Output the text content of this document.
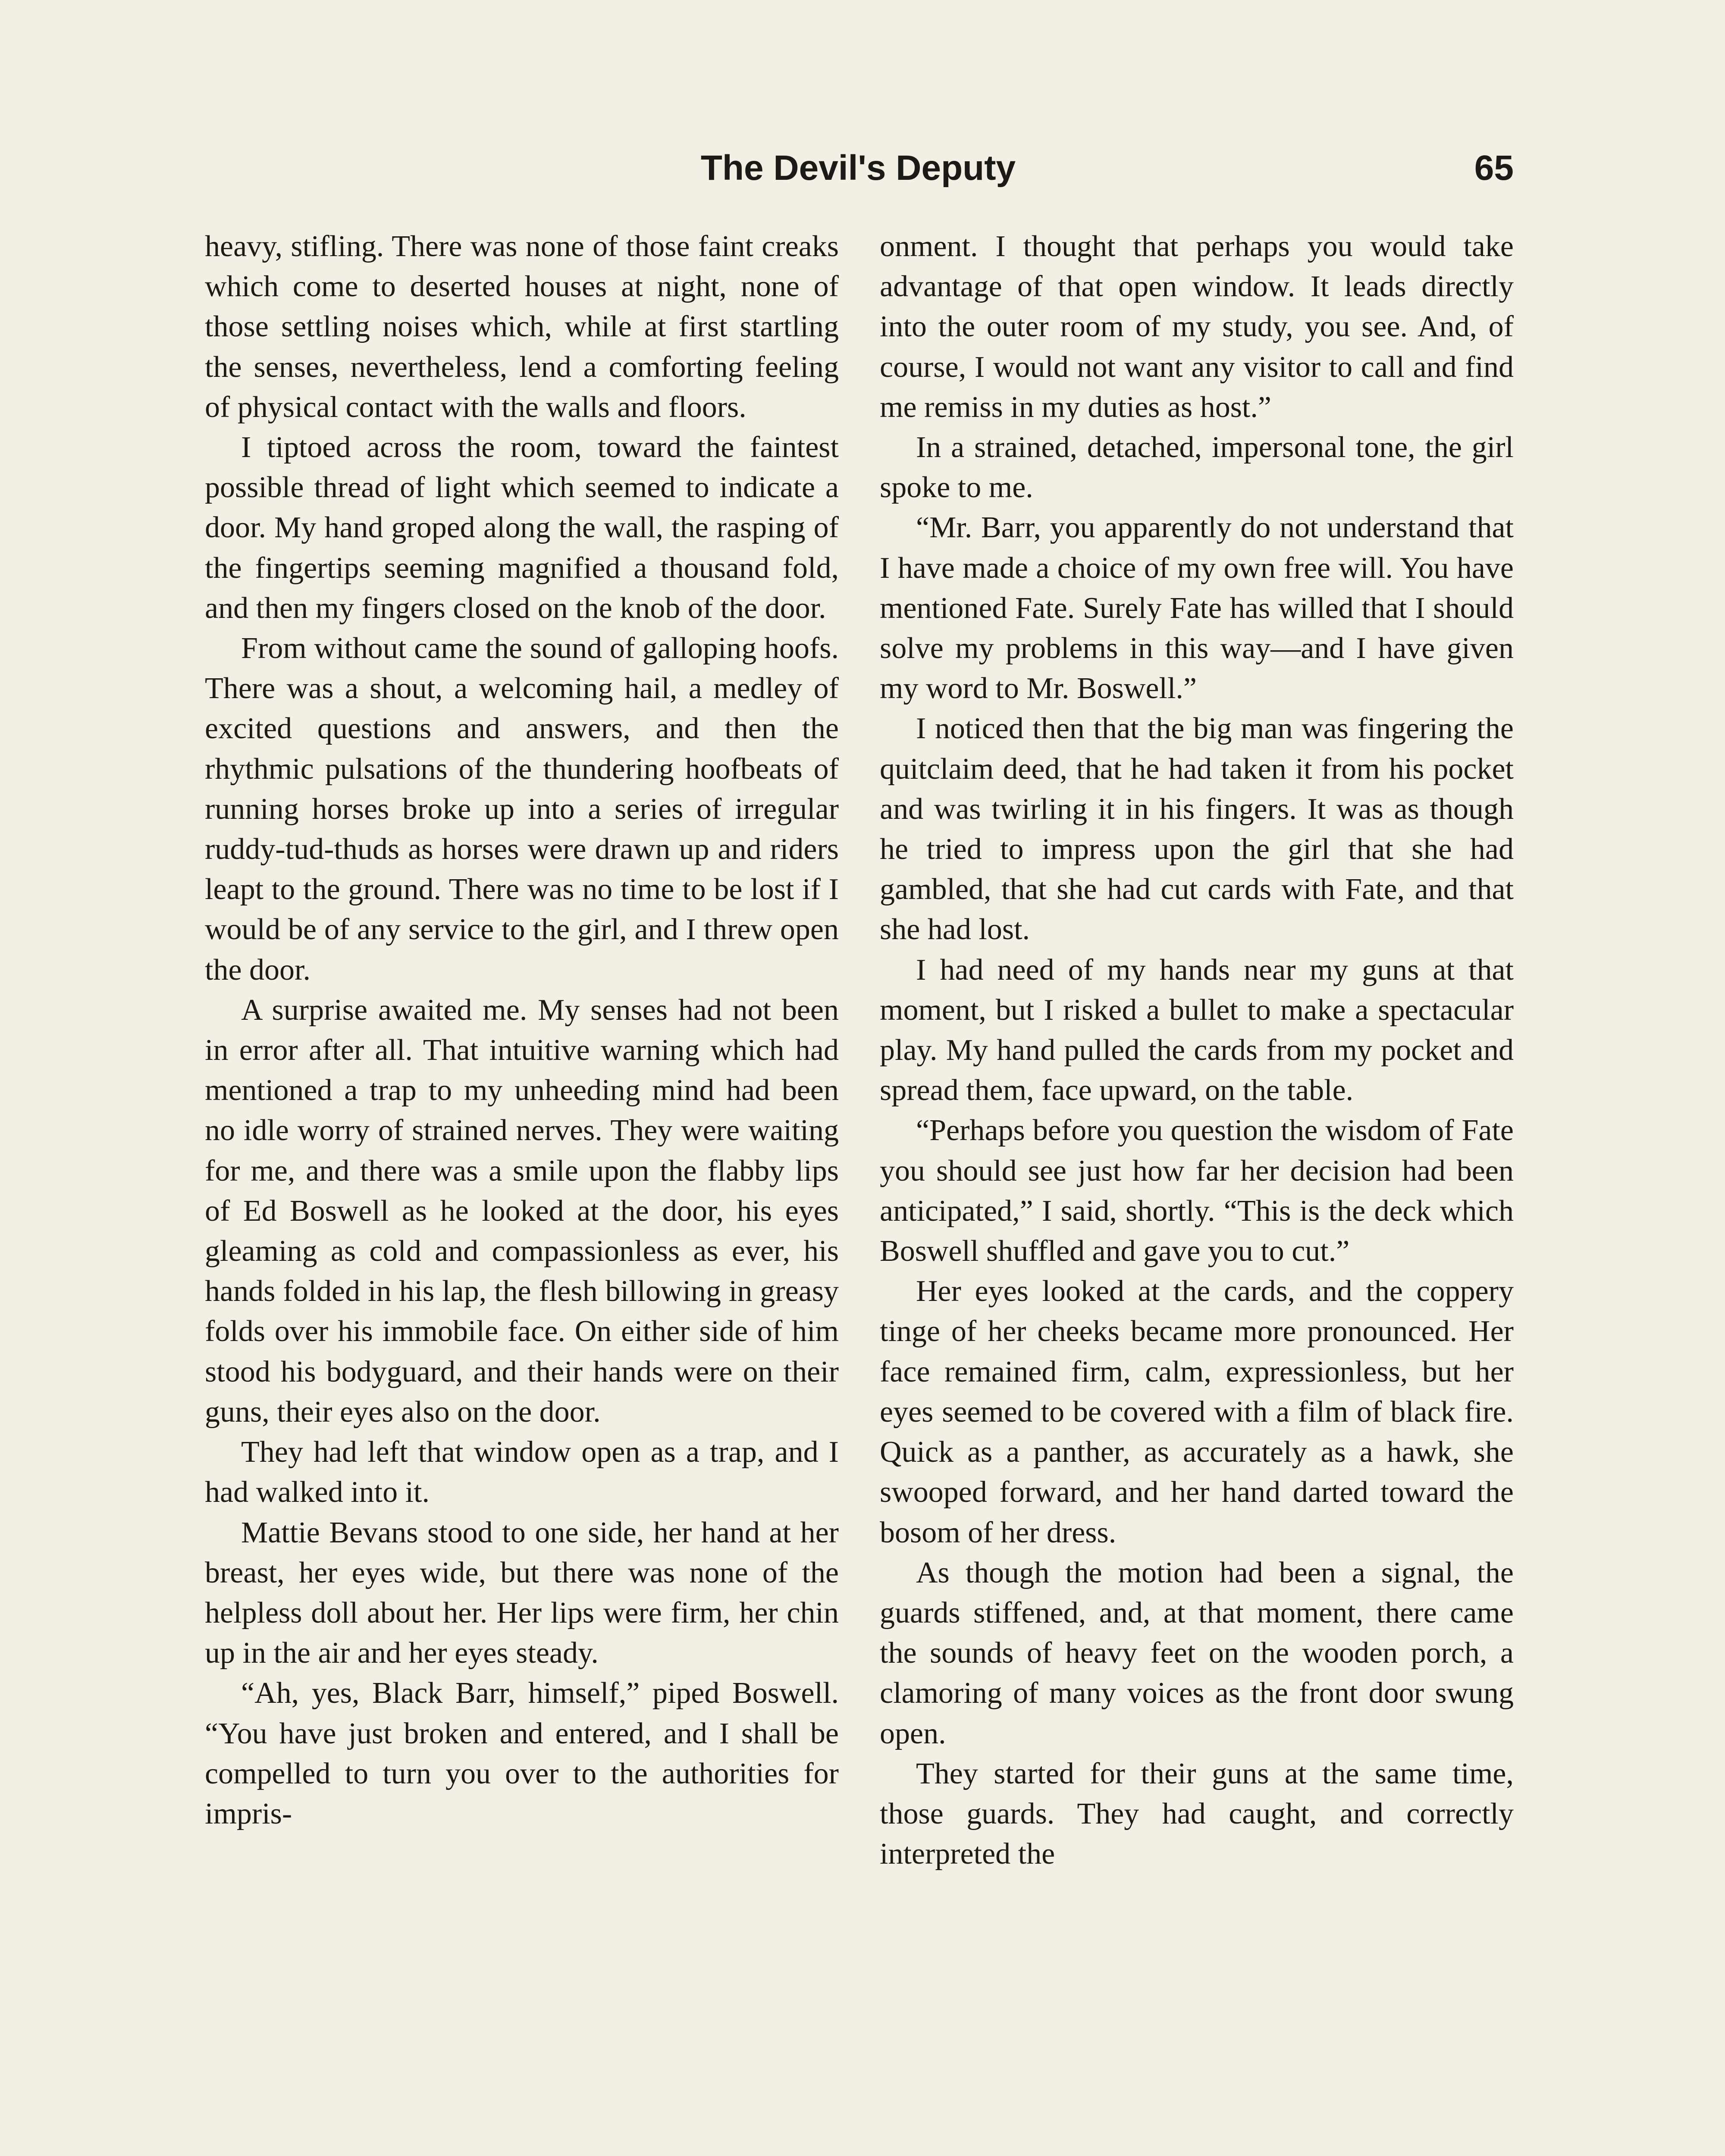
The Devil's Deputy	65

heavy, stifling. There was none of those faint creaks which come to deserted houses at night, none of those settling noises which, while at first startling the senses, nevertheless, lend a comforting feeling of physical contact with the walls and floors.

I tiptoed across the room, toward the faintest possible thread of light which seemed to indicate a door. My hand groped along the wall, the rasping of the fingertips seeming magnified a thousand fold, and then my fingers closed on the knob of the door.

From without came the sound of galloping hoofs. There was a shout, a welcoming hail, a medley of excited questions and answers, and then the rhythmic pulsations of the thundering hoofbeats of running horses broke up into a series of irregular ruddy-tud-thuds as horses were drawn up and riders leapt to the ground. There was no time to be lost if I would be of any service to the girl, and I threw open the door.

A surprise awaited me. My senses had not been in error after all. That intuitive warning which had mentioned a trap to my unheeding mind had been no idle worry of strained nerves. They were waiting for me, and there was a smile upon the flabby lips of Ed Boswell as he looked at the door, his eyes gleaming as cold and compassionless as ever, his hands folded in his lap, the flesh billowing in greasy folds over his immobile face. On either side of him stood his bodyguard, and their hands were on their guns, their eyes also on the door.

They had left that window open as a trap, and I had walked into it.

Mattie Bevans stood to one side, her hand at her breast, her eyes wide, but there was none of the helpless doll about her. Her lips were firm, her chin up in the air and her eyes steady.

“Ah, yes, Black Barr, himself,” piped Boswell. “You have just broken and entered, and I shall be compelled to turn you over to the authorities for impris-

onment. I thought that perhaps you would take advantage of that open window. It leads directly into the outer room of my study, you see. And, of course, I would not want any visitor to call and find me remiss in my duties as host.”

In a strained, detached, impersonal tone, the girl spoke to me.

“Mr. Barr, you apparently do not understand that I have made a choice of my own free will. You have mentioned Fate. Surely Fate has willed that I should solve my problems in this way—and I have given my word to Mr. Boswell.”

I noticed then that the big man was fingering the quitclaim deed, that he had taken it from his pocket and was twirling it in his fingers. It was as though he tried to impress upon the girl that she had gambled, that she had cut cards with Fate, and that she had lost.

I had need of my hands near my guns at that moment, but I risked a bullet to make a spectacular play. My hand pulled the cards from my pocket and spread them, face upward, on the table.

“Perhaps before you question the wisdom of Fate you should see just how far her decision had been anticipated,” I said, shortly. “This is the deck which Boswell shuffled and gave you to cut.”

Her eyes looked at the cards, and the coppery tinge of her cheeks became more pronounced. Her face remained firm, calm, expressionless, but her eyes seemed to be covered with a film of black fire. Quick as a panther, as accurately as a hawk, she swooped forward, and her hand darted toward the bosom of her dress.

As though the motion had been a signal, the guards stiffened, and, at that moment, there came the sounds of heavy feet on the wooden porch, a clamoring of many voices as the front door swung open.

They started for their guns at the same time, those guards. They had caught, and correctly interpreted the
